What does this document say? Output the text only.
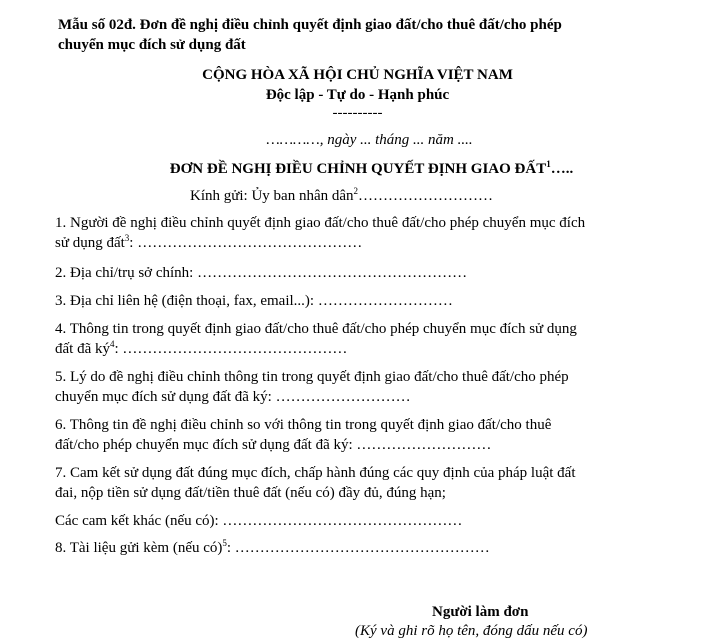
Mẫu số 02đ. Đơn đề nghị điều chỉnh quyết định giao đất/cho thuê đất/cho phép
chuyển mục đích sử dụng đất
CỘNG HÒA XÃ HỘI CHỦ NGHĨA VIỆT NAM
Độc lập - Tự do - Hạnh phúc
----------
…………, ngày ... tháng ... năm ....
ĐƠN ĐỀ NGHỊ ĐIỀU CHỈNH QUYẾT ĐỊNH GIAO ĐẤT$^1$…..
Kính gửi: Ủy ban nhân dân$^2$………………………
1. Người đề nghị điều chỉnh quyết định giao đất/cho thuê đất/cho phép chuyển mục đích
sử dụng đất$^3$: ………………………………………
2. Địa chỉ/trụ sở chính: ………………………………………………
3. Địa chỉ liên hệ (điện thoại, fax, email...): ………………………
4. Thông tin trong quyết định giao đất/cho thuê đất/cho phép chuyển mục đích sử dụng
đất đã $ký^4$: ………………………………………
5. Lý do đề nghị điều chỉnh thông tin trong quyết định giao đất/cho thuê đất/cho phép
chuyển mục đích sử dụng đất đã ký: ………………………
6. Thông tin đề nghị điều chỉnh so với thông tin trong quyết định giao đất/cho thuê
đất/cho phép chuyển mục đích sử dụng đất đã ký: ………………………
7. Cam kết sử dụng đất đúng mục đích, chấp hành đúng các quy định của pháp luật đất
đai, nộp tiền sử dụng đất/tiền thuê đất (nếu có) đầy đủ, đúng hạn;
Các cam kết khác (nếu có): …………………………………………
8. Tài liệu gửi kèm (nếu có)$^5$: ……………………………………………
Người làm đơn
(Ký và ghi rõ họ tên, đóng dấu nếu có)
